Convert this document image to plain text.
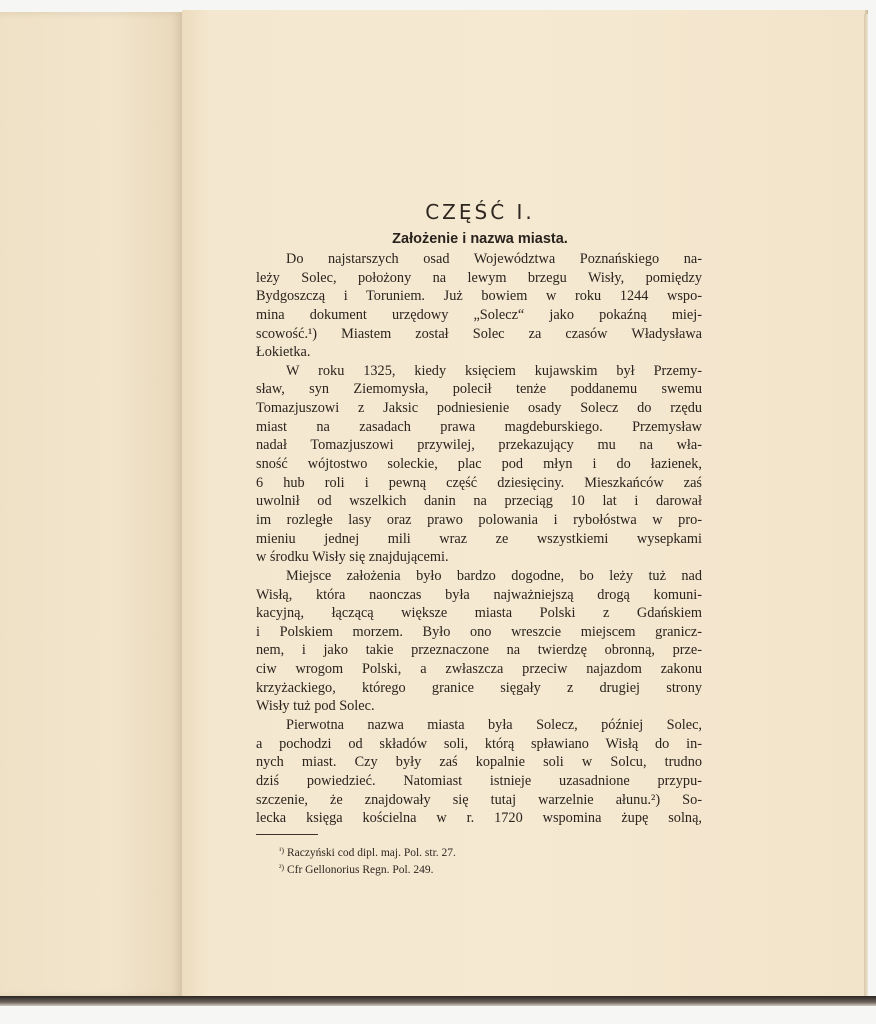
CZĘŚĆ I.
Założenie i nazwa miasta.
Do najstarszych osad Województwa Poznańskiego na-
leży Solec, położony na lewym brzegu Wisły, pomiędzy
Bydgoszczą i Toruniem. Już bowiem w roku 1244 wspo-
mina dokument urzędowy „Solecz“ jako pokaźną miej-
scowość.¹) Miastem został Solec za czasów Władysława
Łokietka.
W roku 1325, kiedy księciem kujawskim był Przemy-
sław, syn Ziemomysła, polecił tenże poddanemu swemu
Tomazjuszowi z Jaksic podniesienie osady Solecz do rzędu
miast na zasadach prawa magdeburskiego. Przemysław
nadał Tomazjuszowi przywilej, przekazujący mu na wła-
sność wójtostwo soleckie, plac pod młyn i do łazienek,
6 hub roli i pewną część dziesięciny. Mieszkańców zaś
uwolnił od wszelkich danin na przeciąg 10 lat i darował
im rozległe lasy oraz prawo polowania i rybołóstwa w pro-
mieniu jednej mili wraz ze wszystkiemi wysepkami
w środku Wisły się znajdującemi.
Miejsce założenia było bardzo dogodne, bo leży tuż nad
Wisłą, która naonczas była najważniejszą drogą komuni-
kacyjną, łączącą większe miasta Polski z Gdańskiem
i Polskiem morzem. Było ono wreszcie miejscem granicz-
nem, i jako takie przeznaczone na twierdzę obronną, prze-
ciw wrogom Polski, a zwłaszcza przeciw najazdom zakonu
krzyżackiego, którego granice sięgały z drugiej strony
Wisły tuż pod Solec.
Pierwotna nazwa miasta była Solecz, później Solec,
a pochodzi od składów soli, którą spławiano Wisłą do in-
nych miast. Czy były zaś kopalnie soli w Solcu, trudno
dziś powiedzieć. Natomiast istnieje uzasadnione przypu-
szczenie, że znajdowały się tutaj warzelnie ałunu.²) So-
lecka księga kościelna w r. 1720 wspomina żupę solną,
$^{^1)}$ Raczyński cod dipl. maj. Pol. str. 27.
$^{^2)}$ Cfr Gellonorius Regn. Pol. 249.
